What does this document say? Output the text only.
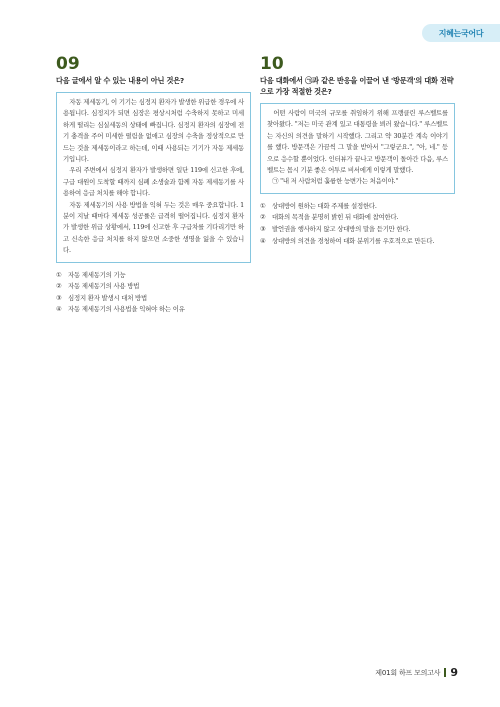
지혜는국어다
09
다음 글에서 알 수 있는 내용이 아닌 것은?

자동 제세동기, 이 기기는 심정지 환자가 발생한 위급한 경우에 사용됩니다. 심정지가 되면 심장은 평상시처럼 수축하지 못하고 미세하게 떨리는 심실세동의 상태에 빠집니다. 심정지 환자의 심장에 전기 충격을 주어 미세한 떨림을 없애고 심장의 수축을 정상적으로 만드는 것을 제세동이라고 하는데, 이때 사용되는 기기가 자동 제세동기입니다.

우리 주변에서 심정지 환자가 발생하면 일단 119에 신고한 후에, 구급 대원이 도착할 때까지 심폐 소생술과 함께 자동 제세동기를 사용하여 응급 처치를 해야 합니다.

자동 제세동기의 사용 방법을 익혀 두는 것은 매우 중요합니다. 1분이 지날 때마다 제세동 성공률은 급격히 떨어집니다. 심정지 환자가 발생한 위급 상황에서, 119에 신고한 후 구급차를 기다리기만 하고 신속한 응급 처치를 하지 않으면 소중한 생명을 잃을 수 있습니다.

①	자동 제세동기의 기능
②	자동 제세동기의 사용 방법
③	심정지 환자 발생시 대처 방법
④	자동 제세동기의 사용법을 익혀야 하는 이유
10
다음 대화에서 ㉠과 같은 반응을 이끌어 낸 '방문객'의 대화 전략으로 가장 적절한 것은?

어떤 사람이 미국의 규모를 취임하기 위해 프랭클린 루스벨트를 찾아왔다. "저는 미국 관계 있고 대통령을 뵈러 왔습니다." 루스벨트는 자신의 의견을 말하기 시작했다. 그리고 약 30분간 계속 이야기를 했다. 방문객은 가끔씩 그 말을 받아서 "그렇군요.", "아, 네." 등으로 응수할 뿐이었다. 인터뷰가 끝나고 방문객이 돌아간 다음, 루스벨트는 몹시 기분 좋은 어투로 비서에게 이렇게 말했다.

㉠ "내 저 사람처럼 훌륭한 능변가는 처음이야."

①	상대방이 원하는 대화 주제를 설정한다.
②	대화의 목적을 분명히 밝힌 뒤 대화에 참여한다.
③	발언권을 행사하지 않고 상대방의 말을 듣기만 한다.
④	상대방의 의견을 경청하여 대화 분위기를 우호적으로 만든다.
제01회 하프 모의고사 9
